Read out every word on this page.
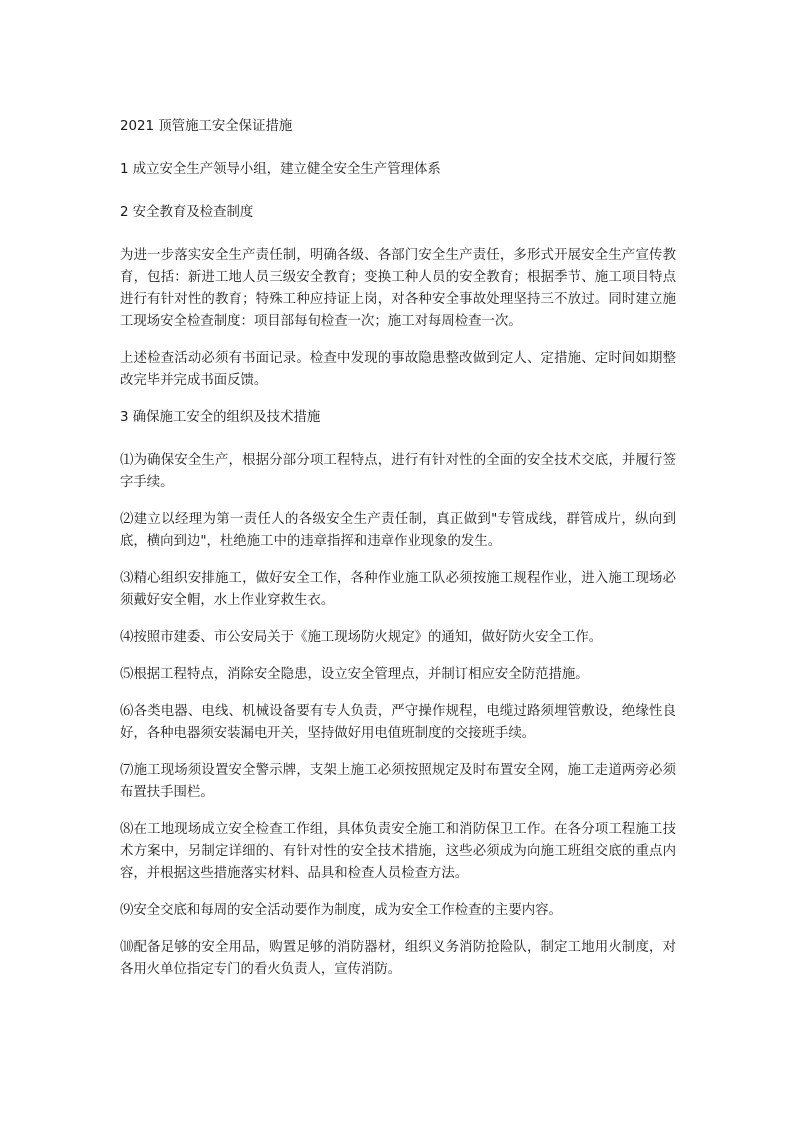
2021 顶管施工安全保证措施

1 成立安全生产领导小组，建立健全安全生产管理体系

2 安全教育及检查制度

为进一步落实安全生产责任制，明确各级、各部门安全生产责任，多形式开展安全生产宣传教育，包括：新进工地人员三级安全教育；变换工种人员的安全教育；根据季节、施工项目特点进行有针对性的教育；特殊工种应持证上岗，对各种安全事故处理坚持三不放过。同时建立施工现场安全检查制度：项目部每旬检查一次；施工对每周检查一次。

上述检查活动必须有书面记录。检查中发现的事故隐患整改做到定人、定措施、定时间如期整改完毕并完成书面反馈。

3 确保施工安全的组织及技术措施

⑴为确保安全生产，根据分部分项工程特点，进行有针对性的全面的安全技术交底，并履行签字手续。

⑵建立以经理为第一责任人的各级安全生产责任制，真正做到"专管成线，群管成片，纵向到底，横向到边"，杜绝施工中的违章指挥和违章作业现象的发生。

⑶精心组织安排施工，做好安全工作，各种作业施工队必须按施工规程作业，进入施工现场必须戴好安全帽，水上作业穿救生衣。

⑷按照市建委、市公安局关于《施工现场防火规定》的通知，做好防火安全工作。

⑸根据工程特点，消除安全隐患，设立安全管理点，并制订相应安全防范措施。

⑹各类电器、电线、机械设备要有专人负责，严守操作规程，电缆过路须埋管敷设，绝缘性良好，各种电器须安装漏电开关，坚持做好用电值班制度的交接班手续。

⑺施工现场须设置安全警示牌，支架上施工必须按照规定及时布置安全网，施工走道两旁必须布置扶手围栏。

⑻在工地现场成立安全检查工作组，具体负责安全施工和消防保卫工作。在各分项工程施工技术方案中，另制定详细的、有针对性的安全技术措施，这些必须成为向施工班组交底的重点内容，并根据这些措施落实材料、品具和检查人员检查方法。

⑼安全交底和每周的安全活动要作为制度，成为安全工作检查的主要内容。

⑽配备足够的安全用品，购置足够的消防器材，组织义务消防抢险队，制定工地用火制度，对各用火单位指定专门的看火负责人，宣传消防。
